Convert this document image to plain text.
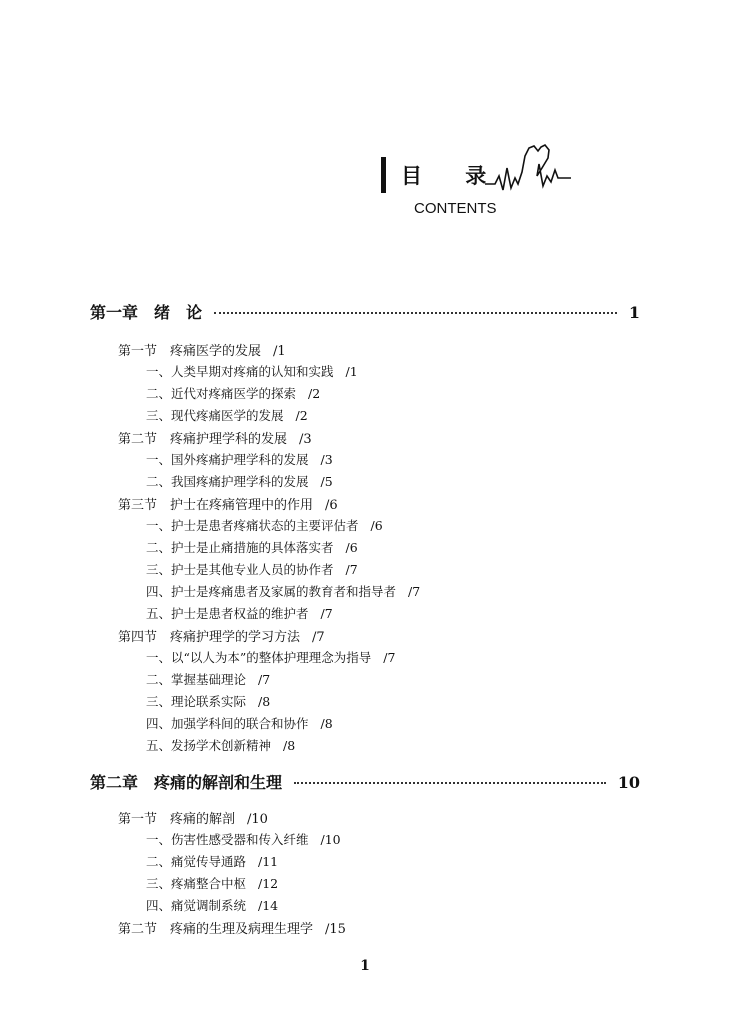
目 录
CONTENTS
第一章　绪　论	1
第一节　疼痛医学的发展 /1
一、人类早期对疼痛的认知和实践 /1
二、近代对疼痛医学的探索 /2
三、现代疼痛医学的发展 /2
第二节　疼痛护理学科的发展 /3
一、国外疼痛护理学科的发展 /3
二、我国疼痛护理学科的发展 /5
第三节　护士在疼痛管理中的作用 /6
一、护士是患者疼痛状态的主要评估者 /6
二、护士是止痛措施的具体落实者 /6
三、护士是其他专业人员的协作者 /7
四、护士是疼痛患者及家属的教育者和指导者 /7
五、护士是患者权益的维护者 /7
第四节　疼痛护理学的学习方法 /7
一、以“以人为本”的整体护理理念为指导 /7
二、掌握基础理论 /7
三、理论联系实际 /8
四、加强学科间的联合和协作 /8
五、发扬学术创新精神 /8
第二章　疼痛的解剖和生理	10
第一节　疼痛的解剖 /10
一、伤害性感受器和传入纤维 /10
二、痛觉传导通路 /11
三、疼痛整合中枢 /12
四、痛觉调制系统 /14
第二节　疼痛的生理及病理生理学 /15
1
